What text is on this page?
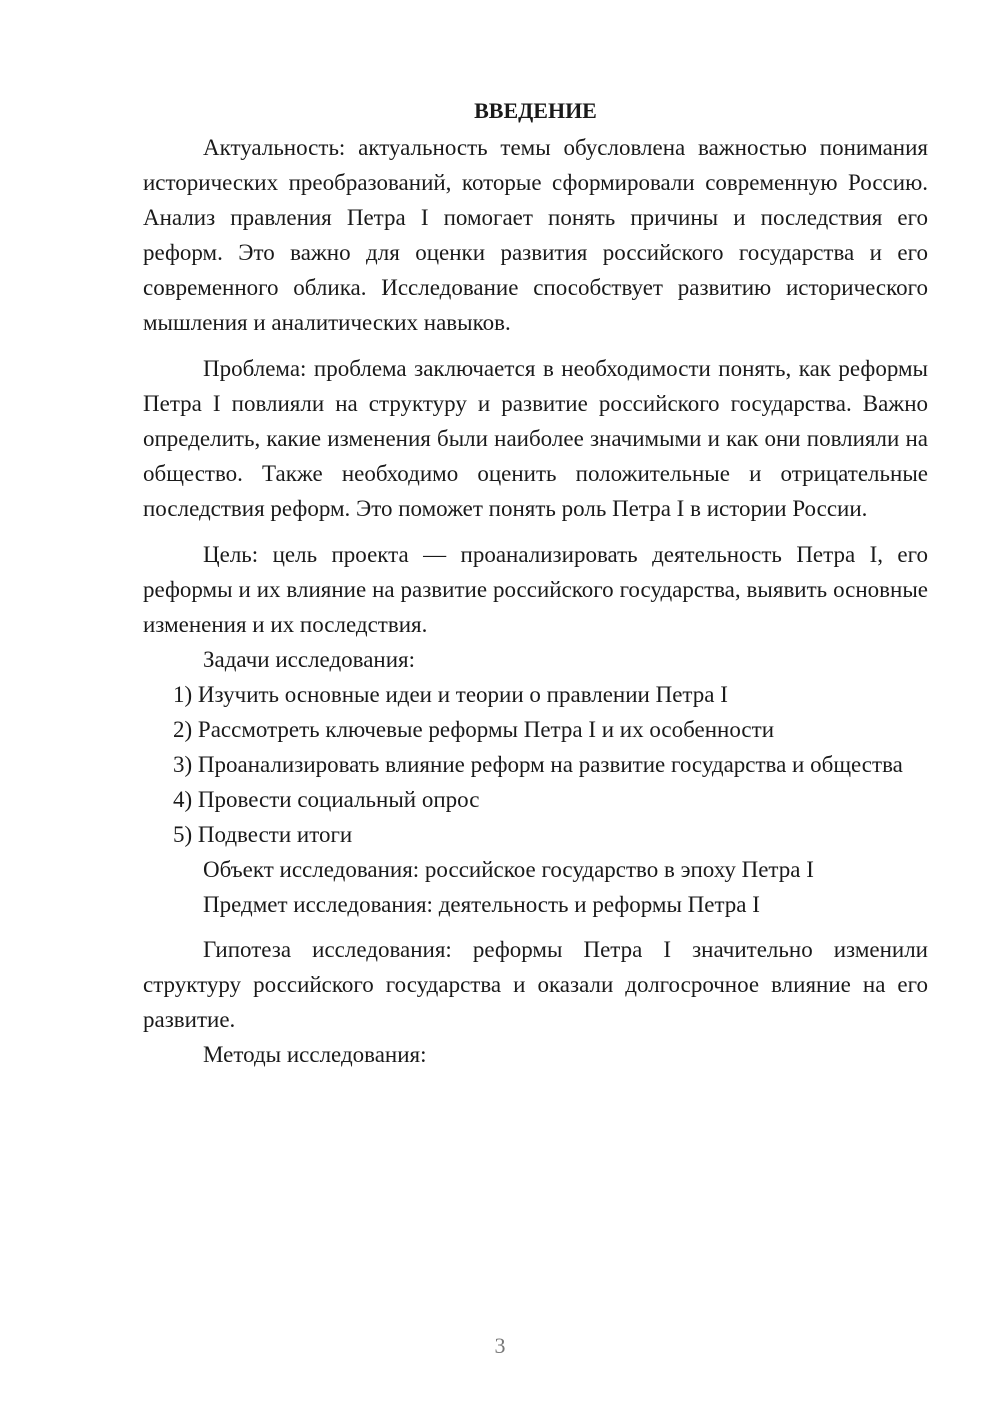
ВВЕДЕНИЕ

Актуальность: актуальность темы обусловлена важностью понимания исторических преобразований, которые сформировали современную Россию. Анализ правления Петра I помогает понять причины и последствия его реформ. Это важно для оценки развития российского государства и его современного облика. Исследование способствует развитию исторического мышления и аналитических навыков.

Проблема: проблема заключается в необходимости понять, как реформы Петра I повлияли на структуру и развитие российского государства. Важно определить, какие изменения были наиболее значимыми и как они повлияли на общество. Также необходимо оценить положительные и отрицательные последствия реформ. Это поможет понять роль Петра I в истории России.

Цель: цель проекта — проанализировать деятельность Петра I, его реформы и их влияние на развитие российского государства, выявить основные изменения и их последствия.

Задачи исследования:

1) Изучить основные идеи и теории о правлении Петра I

2) Рассмотреть ключевые реформы Петра I и их особенности

3) Проанализировать влияние реформ на развитие государства и общества

4) Провести социальный опрос

5) Подвести итоги

Объект исследования: российское государство в эпоху Петра I

Предмет исследования: деятельность и реформы Петра I

Гипотеза исследования: реформы Петра I значительно изменили структуру российского государства и оказали долгосрочное влияние на его развитие.

Методы исследования:

3
